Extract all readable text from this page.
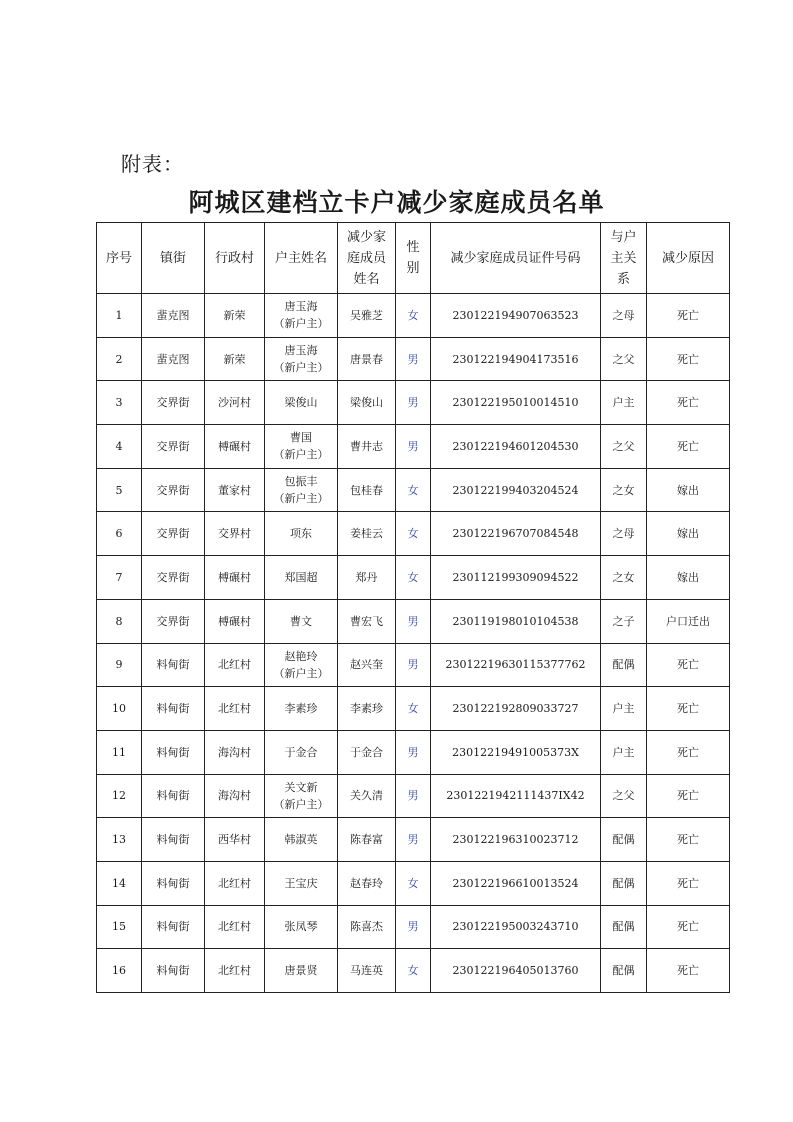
附表：
阿城区建档立卡户减少家庭成员名单
序号	镇街	行政村	户主姓名	减少家
庭成员
姓名	性
别	减少家庭成员证件号码	与户
主关
系	减少原因
1	蜚克图	新荣	唐玉海
（新户主）	吴雅芝	女	230122194907063523	之母	死亡
2	蜚克图	新荣	唐玉海
（新户主）	唐景春	男	230122194904173516	之父	死亡
3	交界街	沙河村	梁俊山	梁俊山	男	230122195010014510	户主	死亡
4	交界街	榑碾村	曹国
（新户主）	曹井志	男	230122194601204530	之父	死亡
5	交界街	董家村	包振丰
（新户主）	包桂春	女	230122199403204524	之女	嫁出
6	交界街	交界村	项东	姜桂云	女	230122196707084548	之母	嫁出
7	交界街	榑碾村	郑国超	郑丹	女	230112199309094522	之女	嫁出
8	交界街	榑碾村	曹文	曹宏飞	男	230119198010104538	之子	户口迁出
9	料甸街	北红村	赵艳玲
（新户主）	赵兴奎	男	2301221963011537776​2	配偶	死亡
10	料甸街	北红村	李素珍	李素珍	女	230122192809033727	户主	死亡
11	料甸街	海沟村	于金合	于金合	男	23012219491005373X	户主	死亡
12	料甸街	海沟村	关文新
（新户主）	关久清	男	2301221942111437IX42	之父	死亡
13	料甸街	西华村	韩淑英	陈春富	男	230122196310023712	配偶	死亡
14	料甸街	北红村	王宝庆	赵春玲	女	230122196610013524	配偶	死亡
15	料甸街	北红村	张凤琴	陈喜杰	男	230122195003243710	配偶	死亡
16	料甸街	北红村	唐景贤	马连英	女	230122196405013760	配偶	死亡
